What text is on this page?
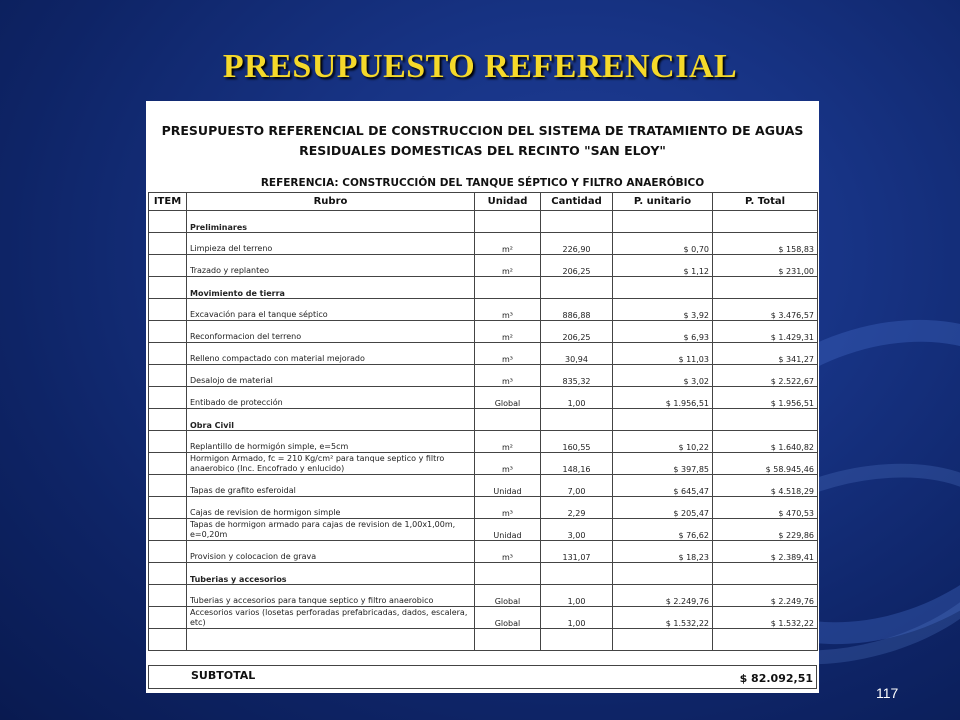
PRESUPUESTO REFERENCIAL
PRESUPUESTO REFERENCIAL DE CONSTRUCCION DEL SISTEMA DE TRATAMIENTO DE AGUAS
RESIDUALES DOMESTICAS DEL RECINTO "SAN ELOY"
REFERENCIA: CONSTRUCCIÓN DEL TANQUE SÉPTICO Y FILTRO ANAERÓBICO
ITEM	Rubro	Unidad	Cantidad	P. unitario	P. Total
	Preliminares				
	Limpieza del terreno	m²	226,90	$ 0,70	$ 158,83
	Trazado y replanteo	m²	206,25	$ 1,12	$ 231,00
	Movimiento de tierra				
	Excavación para el tanque séptico	m³	886,88	$ 3,92	$ 3.476,57
	Reconformacion del terreno	m²	206,25	$ 6,93	$ 1.429,31
	Relleno compactado con material mejorado	m³	30,94	$ 11,03	$ 341,27
	Desalojo de material	m³	835,32	$ 3,02	$ 2.522,67
	Entibado de protección	Global	1,00	$ 1.956,51	$ 1.956,51
	Obra Civil				
	Replantillo de hormigón simple, e=5cm	m²	160,55	$ 10,22	$ 1.640,82
	Hormigon Armado, fc = 210 Kg/cm² para tanque septico y filtro anaerobico (Inc. Encofrado y enlucido)	m³	148,16	$ 397,85	$ 58.945,46
	Tapas de grafito esferoidal	Unidad	7,00	$ 645,47	$ 4.518,29
	Cajas de revision de hormigon simple	m³	2,29	$ 205,47	$ 470,53
	Tapas de hormigon armado para cajas de revision de 1,00x1,00m, e=0,20m	Unidad	3,00	$ 76,62	$ 229,86
	Provision y colocacion de grava	m³	131,07	$ 18,23	$ 2.389,41
	Tuberias y accesorios				
	Tuberias y accesorios para tanque septico y filtro anaerobico	Global	1,00	$ 2.249,76	$ 2.249,76
	Accesorios varios (losetas perforadas prefabricadas, dados, escalera, etc)	Global	1,00	$ 1.532,22	$ 1.532,22

SUBTOTAL	$ 82.092,51
117
